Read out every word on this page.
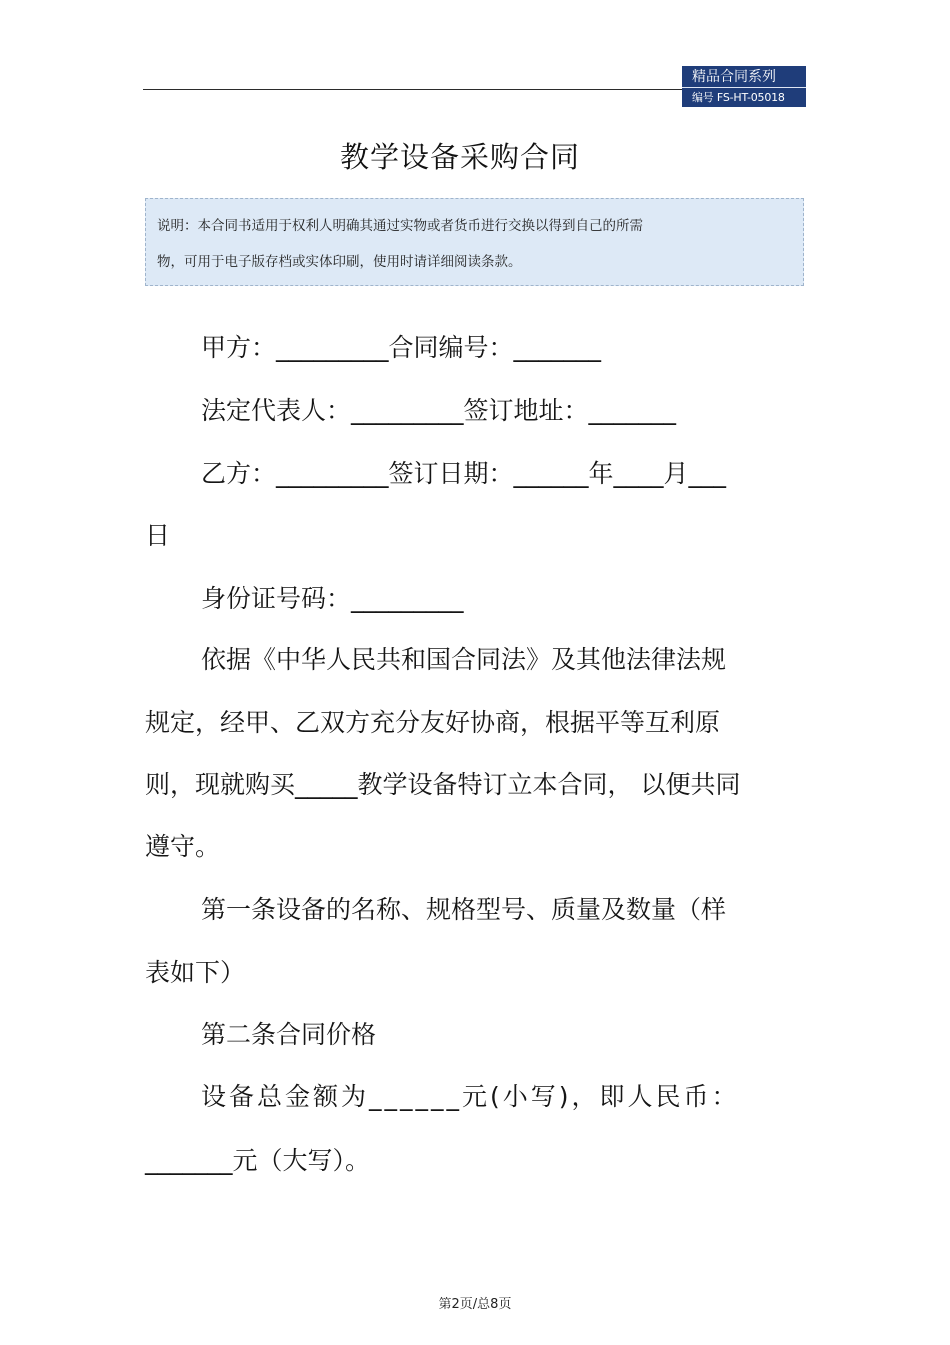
精品合同系列
编号 FS-HT-05018
教学设备采购合同

说明：本合同书适用于权利人明确其通过实物或者货币进行交换以得到自己的所需

物，可用于电子版存档或实体印刷，使用时请详细阅读条款。

甲方：_________合同编号：_______
法定代表人：_________签订地址：_______
乙方：_________签订日期：______年____月___
日
身份证号码：_________
依据《中华人民共和国合同法》及其他法律法规
规定，经甲、乙双方充分友好协商，根据平等互利原
则，现就购买_____教学设备特订立本合同， 以便共同
遵守。
第一条设备的名称、规格型号、质量及数量（样
表如下）
第二条合同价格
设备总金额为______元(小写)，即人民币：
_______元（大写）。
第2页/总8页
